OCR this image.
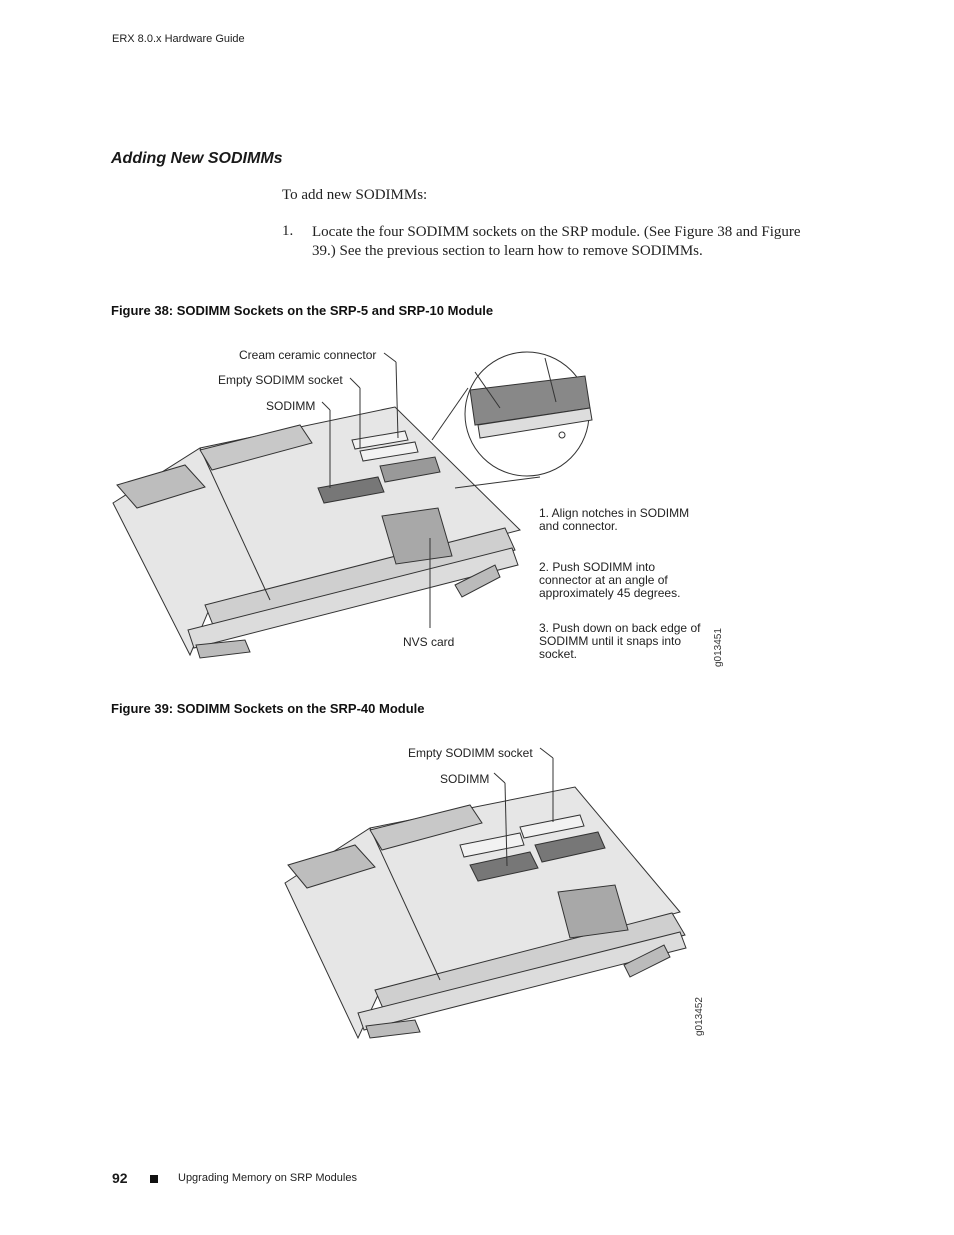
ERX 8.0.x Hardware Guide
Adding New SODIMMs
To add new SODIMMs:
1. Locate the four SODIMM sockets on the SRP module. (See Figure 38 and Figure 39.) See the previous section to learn how to remove SODIMMs.
Figure 38: SODIMM Sockets on the SRP-5 and SRP-10 Module
Cream ceramic connector
Empty SODIMM socket
SODIMM
NVS card
1. Align notches in SODIMM and connector.
2. Push SODIMM into connector at an angle of approximately 45 degrees.
3. Push down on back edge of SODIMM until it snaps into socket.	g013451
Figure 39: SODIMM Sockets on the SRP-40 Module
Empty SODIMM socket
SODIMM
g013452
92	Upgrading Memory on SRP Modules
